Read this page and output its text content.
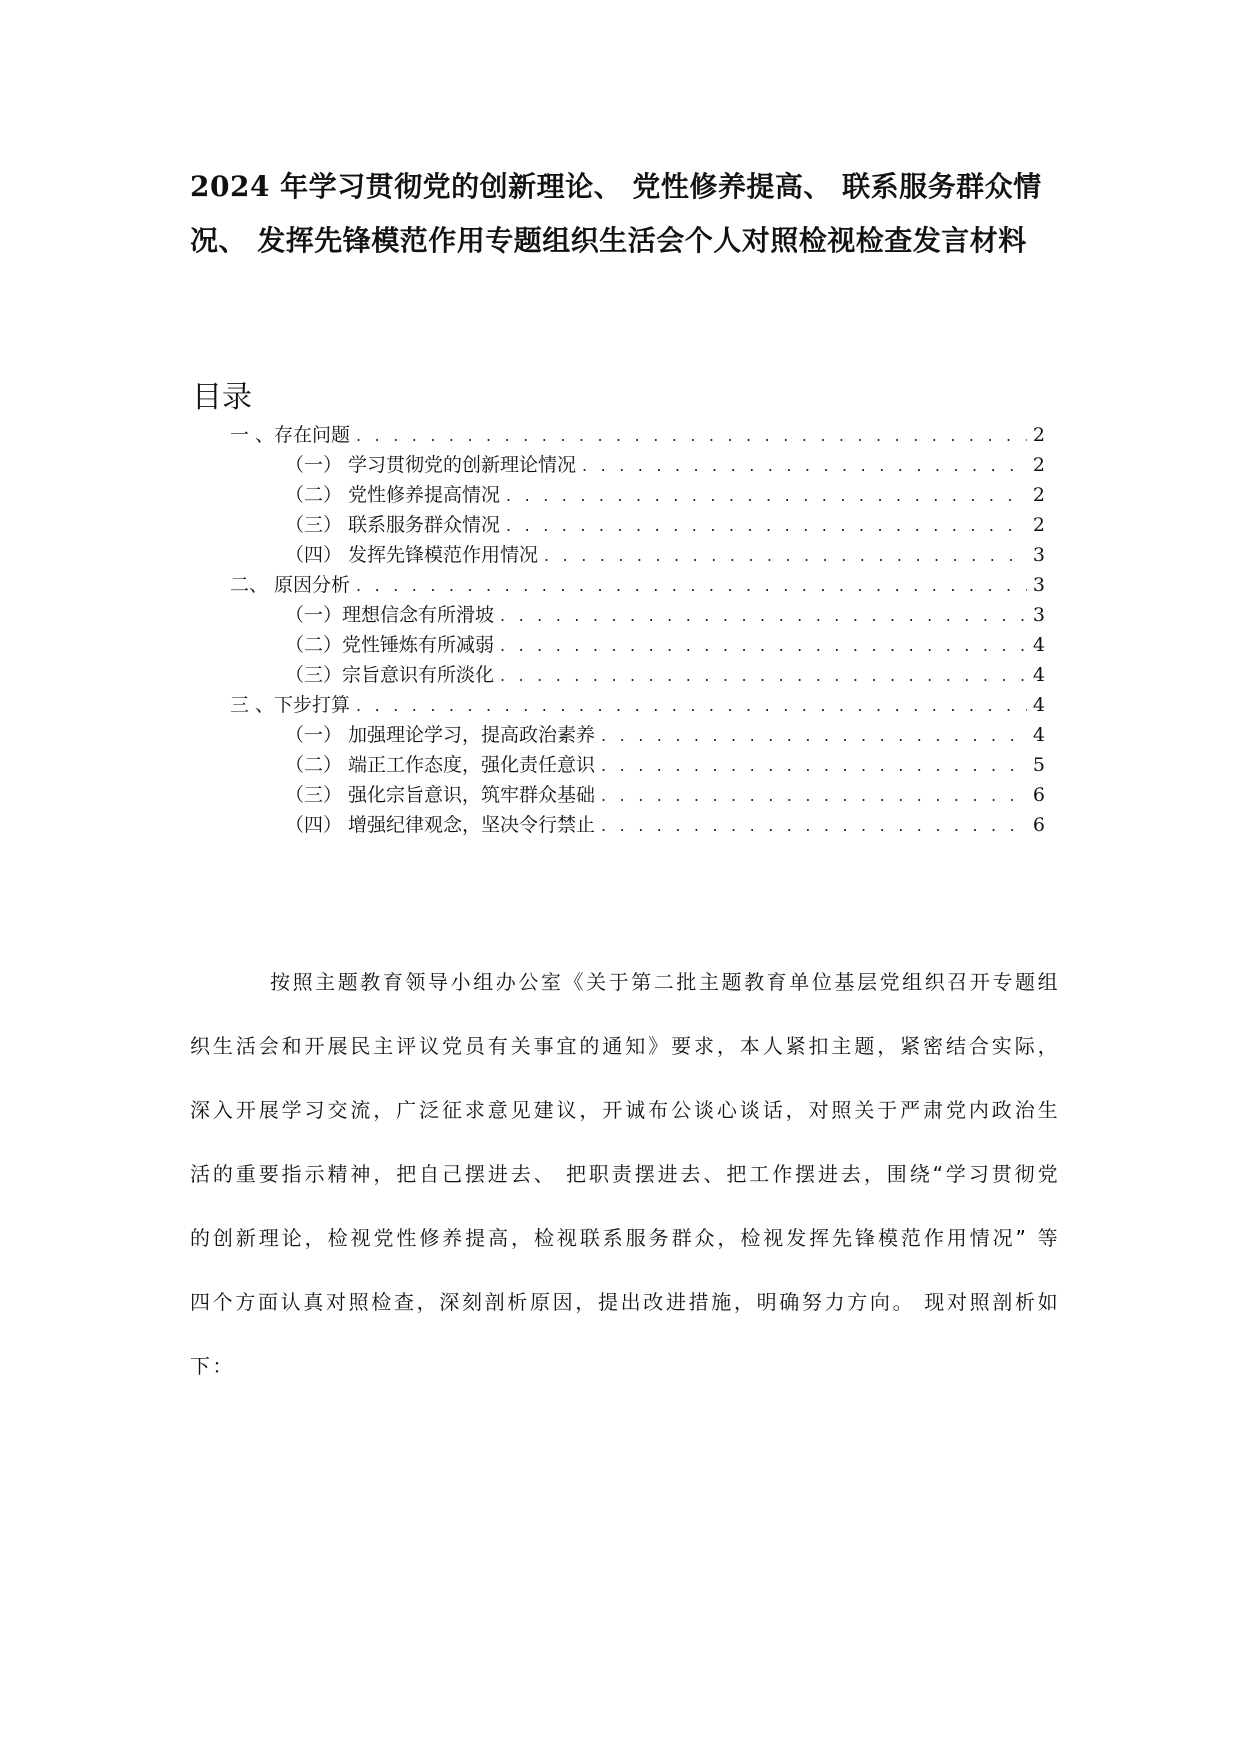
2024 年学习贯彻党的创新理论、 党性修养提高、 联系服务群众情况、 发挥先锋模范作用专题组织生活会个人对照检视检查发言材料
目录
一 、存在问题 . . .	2
（一） 学习贯彻党的创新理论情况 . . .	2
（二） 党性修养提高情况 . . .	2
（三） 联系服务群众情况 . . .	2
（四） 发挥先锋模范作用情况 . . .	3
二、 原因分析 . . .	3
（一）理想信念有所滑坡 . . .	3
（二）党性锤炼有所减弱 . . .	4
（三）宗旨意识有所淡化 . . .	4
三 、下步打算 . . .	4
（一） 加强理论学习，提高政治素养 . . .	4
（二） 端正工作态度，强化责任意识 . . .	5
（三） 强化宗旨意识，筑牢群众基础 . . .	6
（四） 增强纪律观念，坚决令行禁止 . . .	6

按照主题教育领导小组办公室《关于第二批主题教育单位基层党组织召开专题组织生活会和开展民主评议党员有关事宜的通知》要求，本人紧扣主题，紧密结合实际，深入开展学习交流，广泛征求意见建议，开诚布公谈心谈话，对照关于严肃党内政治生活的重要指示精神，把自己摆进去、 把职责摆进去、把工作摆进去，围绕“学习贯彻党的创新理论，检视党性修养提高，检视联系服务群众，检视发挥先锋模范作用情况” 等四个方面认真对照检查，深刻剖析原因，提出改进措施，明确努力方向。 现对照剖析如下：
